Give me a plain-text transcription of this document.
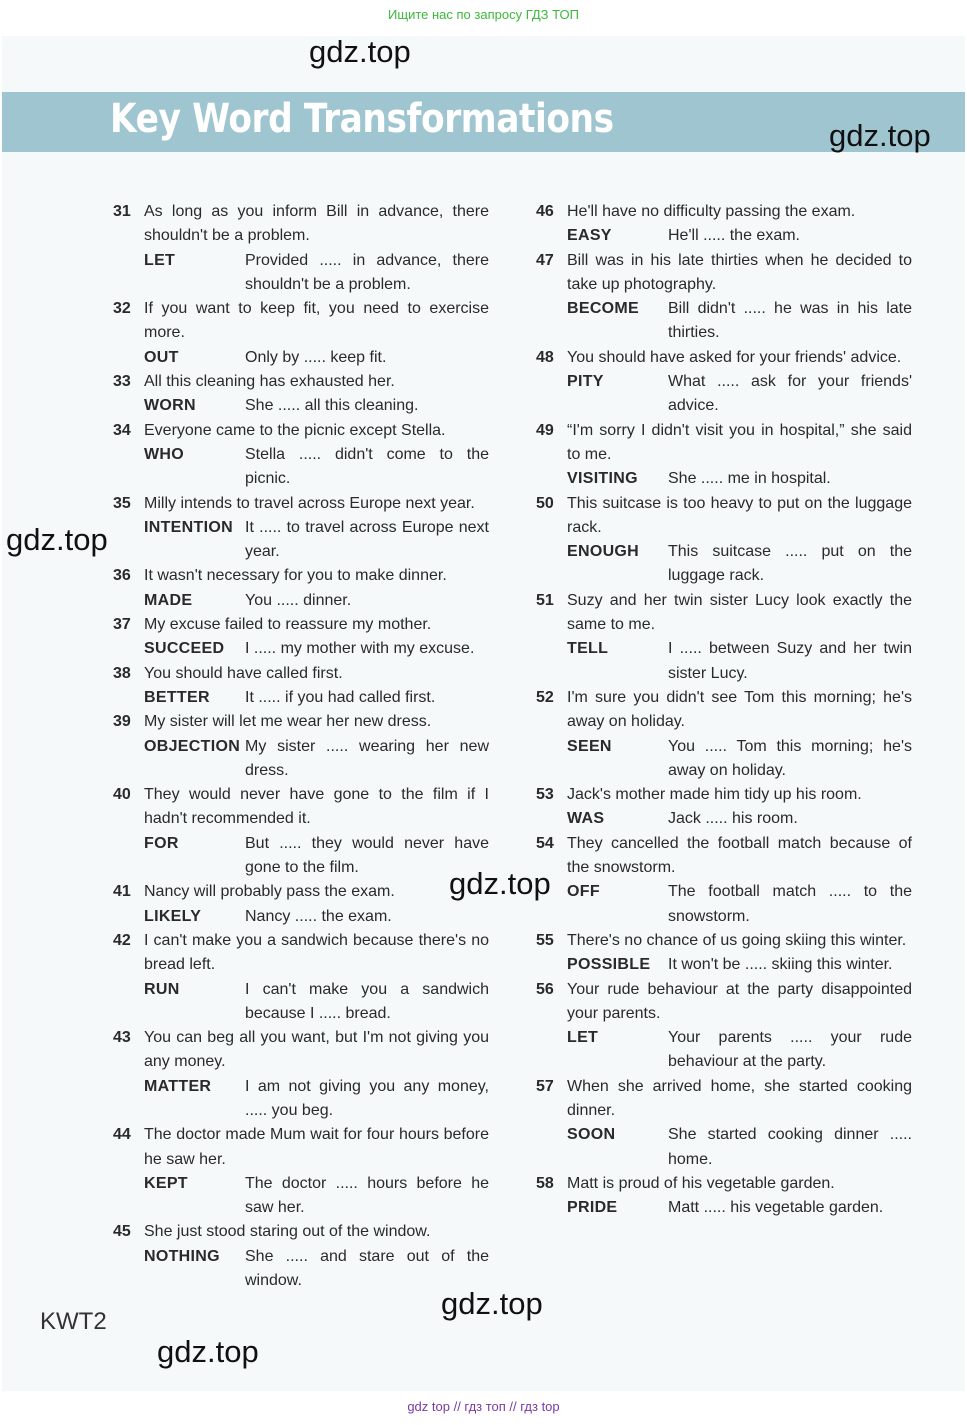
Ищите нас по запросу ГДЗ ТОП
Key Word Transformations
31 As long as you inform Bill in advance, there shouldn't be a problem.
LET	Provided ..... in advance, there shouldn't be a problem.
32 If you want to keep fit, you need to exercise more.
OUT	Only by ..... keep fit.
33 All this cleaning has exhausted her.
WORN	She ..... all this cleaning.
34 Everyone came to the picnic except Stella.
WHO	Stella ..... didn't come to the picnic.
35 Milly intends to travel across Europe next year.
INTENTION It ..... to travel across Europe next year.
36 It wasn't necessary for you to make dinner.
MADE	You ..... dinner.
37 My excuse failed to reassure my mother.
SUCCEED	I ..... my mother with my excuse.
38 You should have called first.
BETTER	It ..... if you had called first.
39 My sister will let me wear her new dress.
OBJECTION My sister ..... wearing her new dress.
40 They would never have gone to the film if I hadn't recommended it.
FOR	But ..... they would never have gone to the film.
41 Nancy will probably pass the exam.
LIKELY	Nancy ..... the exam.
42 I can't make you a sandwich because there's no bread left.
RUN	I can't make you a sandwich because I ..... bread.
43 You can beg all you want, but I'm not giving you any money.
MATTER	I am not giving you any money, ..... you beg.
44 The doctor made Mum wait for four hours before he saw her.
KEPT	The doctor ..... hours before he saw her.
45 She just stood staring out of the window.
NOTHING	She ..... and stare out of the window.
46 He'll have no difficulty passing the exam.
EASY	He'll ..... the exam.
47 Bill was in his late thirties when he decided to take up photography.
BECOME	Bill didn't ..... he was in his late thirties.
48 You should have asked for your friends' advice.
PITY	What ..... ask for your friends' advice.
49 “I'm sorry I didn't visit you in hospital,” she said to me.
VISITING	She ..... me in hospital.
50 This suitcase is too heavy to put on the luggage rack.
ENOUGH	This suitcase ..... put on the luggage rack.
51 Suzy and her twin sister Lucy look exactly the same to me.
TELL	I ..... between Suzy and her twin sister Lucy.
52 I'm sure you didn't see Tom this morning; he's away on holiday.
SEEN	You ..... Tom this morning; he's away on holiday.
53 Jack's mother made him tidy up his room.
WAS	Jack ..... his room.
54 They cancelled the football match because of the snowstorm.
OFF	The football match ..... to the snowstorm.
55 There's no chance of us going skiing this winter.
POSSIBLE	It won't be ..... skiing this winter.
56 Your rude behaviour at the party disappointed your parents.
LET	Your parents ..... your rude behaviour at the party.
57 When she arrived home, she started cooking dinner.
SOON	She started cooking dinner ..... home.
58 Matt is proud of his vegetable garden.
PRIDE	Matt ..... his vegetable garden.
gdz.top
gdz.top
gdz.top
gdz.top
gdz.top
gdz.top
KWT2
gdz top // гдз топ // гдз top
